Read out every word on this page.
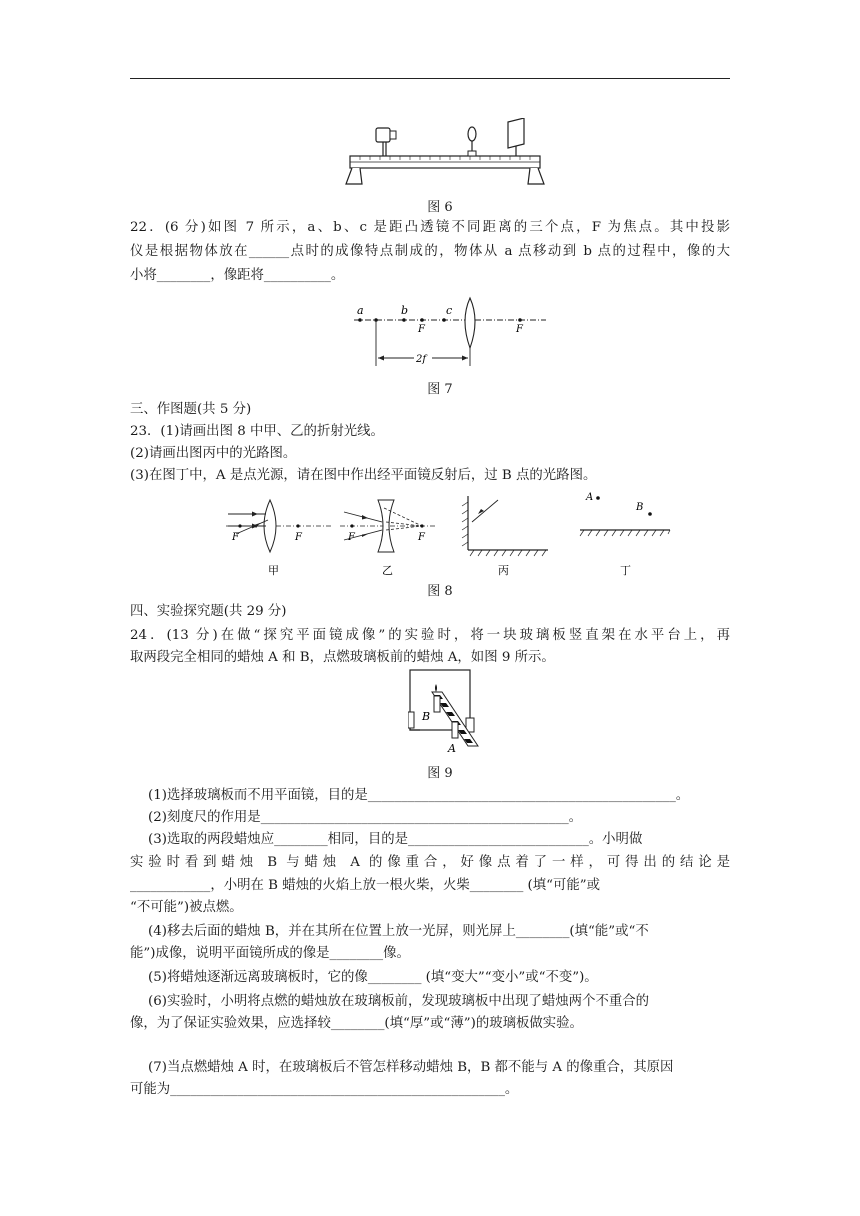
图 6
22．(6 分)如图 7 所示，a、b、c 是距凸透镜不同距离的三个点，F 为焦点。其中投影
仪是根据物体放在______点时的成像特点制成的，物体从 a 点移动到 b 点的过程中，像的大
小将________，像距将__________。
a	b	c
F	F
2f
图 7
三、作图题(共 5 分)
23．(1)请画出图 8 中甲、乙的折射光线。
(2)请画出图丙中的光路图。
(3)在图丁中，A 是点光源，请在图中作出经平面镜反射后，过 B 点的光路图。
F	F
甲
F	F
乙	丙
A
B
丁
图 8
四、实验探究题(共 29 分)
24．(13 分)在做“探究平面镜成像”的实验时，将一块玻璃板竖直架在水平台上，再
取两段完全相同的蜡烛 A 和 B，点燃玻璃板前的蜡烛 A，如图 9 所示。
B
A
图 9
(1)选择玻璃板而不用平面镜，目的是______________________________________________。
(2)刻度尺的作用是______________________________________________。
(3)选取的两段蜡烛应________相同，目的是___________________________。小明做
实验时看到蜡烛 B 与蜡烛 A 的像重合，好像点着了一样，可得出的结论是
____________，小明在 B 蜡烛的火焰上放一根火柴，火柴________ (填“可能”或
“不可能”)被点燃。
(4)移去后面的蜡烛 B，并在其所在位置上放一光屏，则光屏上________(填“能”或“不
能”)成像，说明平面镜所成的像是________像。
(5)将蜡烛逐渐远离玻璃板时，它的像________ (填“变大”“变小”或“不变”)。
(6)实验时，小明将点燃的蜡烛放在玻璃板前，发现玻璃板中出现了蜡烛两个不重合的
像，为了保证实验效果，应选择较________(填“厚”或“薄”)的玻璃板做实验。
(7)当点燃蜡烛 A 时，在玻璃板后不管怎样移动蜡烛 B，B 都不能与 A 的像重合，其原因
可能为__________________________________________________。
